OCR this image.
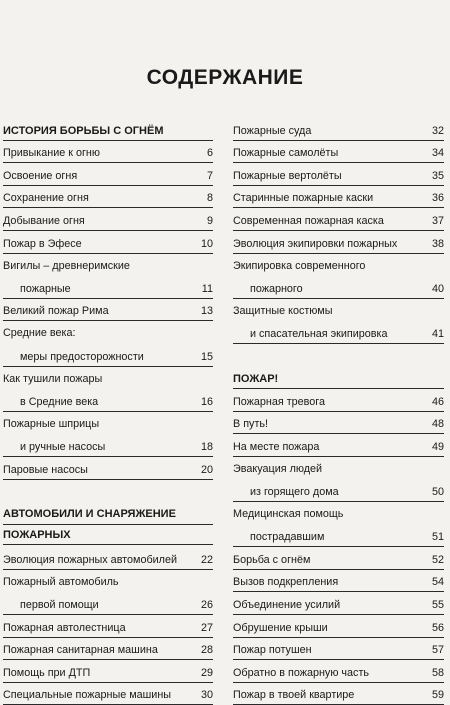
СОДЕРЖАНИЕ
ИСТОРИЯ БОРЬБЫ С ОГНЁМ
Привыкание к огню	6
Освоение огня	7
Сохранение огня	8
Добывание огня	9
Пожар в Эфесе	10
Вигилы – древнеримские
пожарные	11
Великий пожар Рима	13
Средние века:
меры предосторожности	15
Как тушили пожары
в Средние века	16
Пожарные шприцы
и ручные насосы	18
Паровые насосы	20
АВТОМОБИЛИ И СНАРЯЖЕНИЕ
ПОЖАРНЫХ
Эволюция пожарных автомобилей	22
Пожарный автомобиль
первой помощи	26
Пожарная автолестница	27
Пожарная санитарная машина	28
Помощь при ДТП	29
Специальные пожарные машины	30
Пожарные суда	32
Пожарные самолёты	34
Пожарные вертолёты	35
Старинные пожарные каски	36
Современная пожарная каска	37
Эволюция экипировки пожарных	38
Экипировка современного
пожарного	40
Защитные костюмы
и спасательная экипировка	41
ПОЖАР!
Пожарная тревога	46
В путь!	48
На месте пожара	49
Эвакуация людей
из горящего дома	50
Медицинская помощь
пострадавшим	51
Борьба с огнём	52
Вызов подкрепления	54
Объединение усилий	55
Обрушение крыши	56
Пожар потушен	57
Обратно в пожарную часть	58
Пожар в твоей квартире	59
